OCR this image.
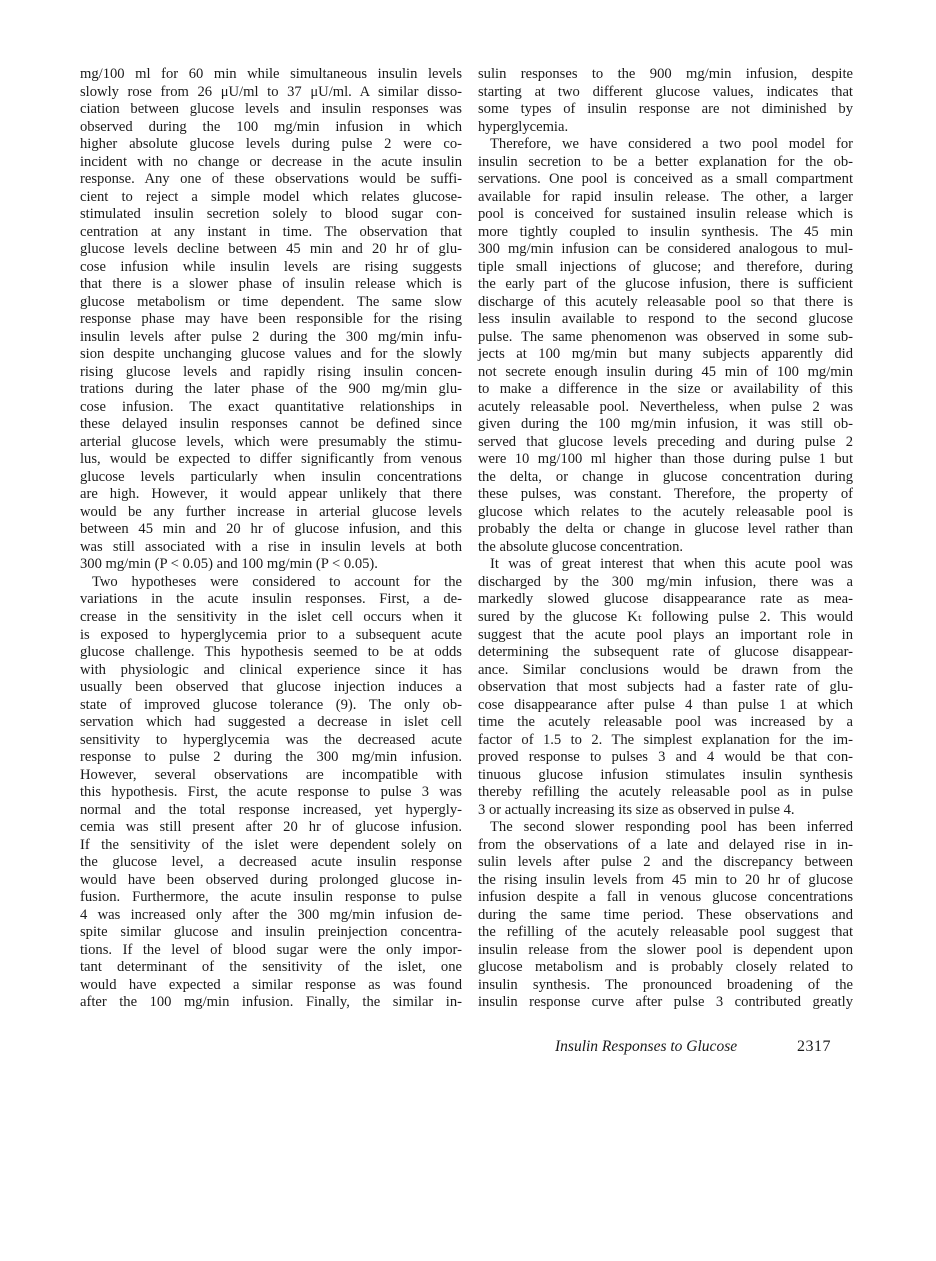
mg/100 ml for 60 min while simultaneous insulin levels
slowly rose from 26 μU/ml to 37 μU/ml. A similar disso-
ciation between glucose levels and insulin responses was
observed during the 100 mg/min infusion in which
higher absolute glucose levels during pulse 2 were co-
incident with no change or decrease in the acute insulin
response. Any one of these observations would be suffi-
cient to reject a simple model which relates glucose-
stimulated insulin secretion solely to blood sugar con-
centration at any instant in time. The observation that
glucose levels decline between 45 min and 20 hr of glu-
cose infusion while insulin levels are rising suggests
that there is a slower phase of insulin release which is
glucose metabolism or time dependent. The same slow
response phase may have been responsible for the rising
insulin levels after pulse 2 during the 300 mg/min infu-
sion despite unchanging glucose values and for the slowly
rising glucose levels and rapidly rising insulin concen-
trations during the later phase of the 900 mg/min glu-
cose infusion. The exact quantitative relationships in
these delayed insulin responses cannot be defined since
arterial glucose levels, which were presumably the stimu-
lus, would be expected to differ significantly from venous
glucose levels particularly when insulin concentrations
are high. However, it would appear unlikely that there
would be any further increase in arterial glucose levels
between 45 min and 20 hr of glucose infusion, and this
was still associated with a rise in insulin levels at both
300 mg/min (P < 0.05) and 100 mg/min (P < 0.05).
Two hypotheses were considered to account for the
variations in the acute insulin responses. First, a de-
crease in the sensitivity in the islet cell occurs when it
is exposed to hyperglycemia prior to a subsequent acute
glucose challenge. This hypothesis seemed to be at odds
with physiologic and clinical experience since it has
usually been observed that glucose injection induces a
state of improved glucose tolerance (9). The only ob-
servation which had suggested a decrease in islet cell
sensitivity to hyperglycemia was the decreased acute
response to pulse 2 during the 300 mg/min infusion.
However, several observations are incompatible with
this hypothesis. First, the acute response to pulse 3 was
normal and the total response increased, yet hypergly-
cemia was still present after 20 hr of glucose infusion.
If the sensitivity of the islet were dependent solely on
the glucose level, a decreased acute insulin response
would have been observed during prolonged glucose in-
fusion. Furthermore, the acute insulin response to pulse
4 was increased only after the 300 mg/min infusion de-
spite similar glucose and insulin preinjection concentra-
tions. If the level of blood sugar were the only impor-
tant determinant of the sensitivity of the islet, one
would have expected a similar response as was found
after the 100 mg/min infusion. Finally, the similar in-
sulin responses to the 900 mg/min infusion, despite
starting at two different glucose values, indicates that
some types of insulin response are not diminished by
hyperglycemia.
Therefore, we have considered a two pool model for
insulin secretion to be a better explanation for the ob-
servations. One pool is conceived as a small compartment
available for rapid insulin release. The other, a larger
pool is conceived for sustained insulin release which is
more tightly coupled to insulin synthesis. The 45 min
300 mg/min infusion can be considered analogous to mul-
tiple small injections of glucose; and therefore, during
the early part of the glucose infusion, there is sufficient
discharge of this acutely releasable pool so that there is
less insulin available to respond to the second glucose
pulse. The same phenomenon was observed in some sub-
jects at 100 mg/min but many subjects apparently did
not secrete enough insulin during 45 min of 100 mg/min
to make a difference in the size or availability of this
acutely releasable pool. Nevertheless, when pulse 2 was
given during the 100 mg/min infusion, it was still ob-
served that glucose levels preceding and during pulse 2
were 10 mg/100 ml higher than those during pulse 1 but
the delta, or change in glucose concentration during
these pulses, was constant. Therefore, the property of
glucose which relates to the acutely releasable pool is
probably the delta or change in glucose level rather than
the absolute glucose concentration.
It was of great interest that when this acute pool was
discharged by the 300 mg/min infusion, there was a
markedly slowed glucose disappearance rate as mea-
sured by the glucose Kₜ following pulse 2. This would
suggest that the acute pool plays an important role in
determining the subsequent rate of glucose disappear-
ance. Similar conclusions would be drawn from the
observation that most subjects had a faster rate of glu-
cose disappearance after pulse 4 than pulse 1 at which
time the acutely releasable pool was increased by a
factor of 1.5 to 2. The simplest explanation for the im-
proved response to pulses 3 and 4 would be that con-
tinuous glucose infusion stimulates insulin synthesis
thereby refilling the acutely releasable pool as in pulse
3 or actually increasing its size as observed in pulse 4.
The second slower responding pool has been inferred
from the observations of a late and delayed rise in in-
sulin levels after pulse 2 and the discrepancy between
the rising insulin levels from 45 min to 20 hr of glucose
infusion despite a fall in venous glucose concentrations
during the same time period. These observations and
the refilling of the acutely releasable pool suggest that
insulin release from the slower pool is dependent upon
glucose metabolism and is probably closely related to
insulin synthesis. The pronounced broadening of the
insulin response curve after pulse 3 contributed greatly
Insulin Responses to Glucose	2317
